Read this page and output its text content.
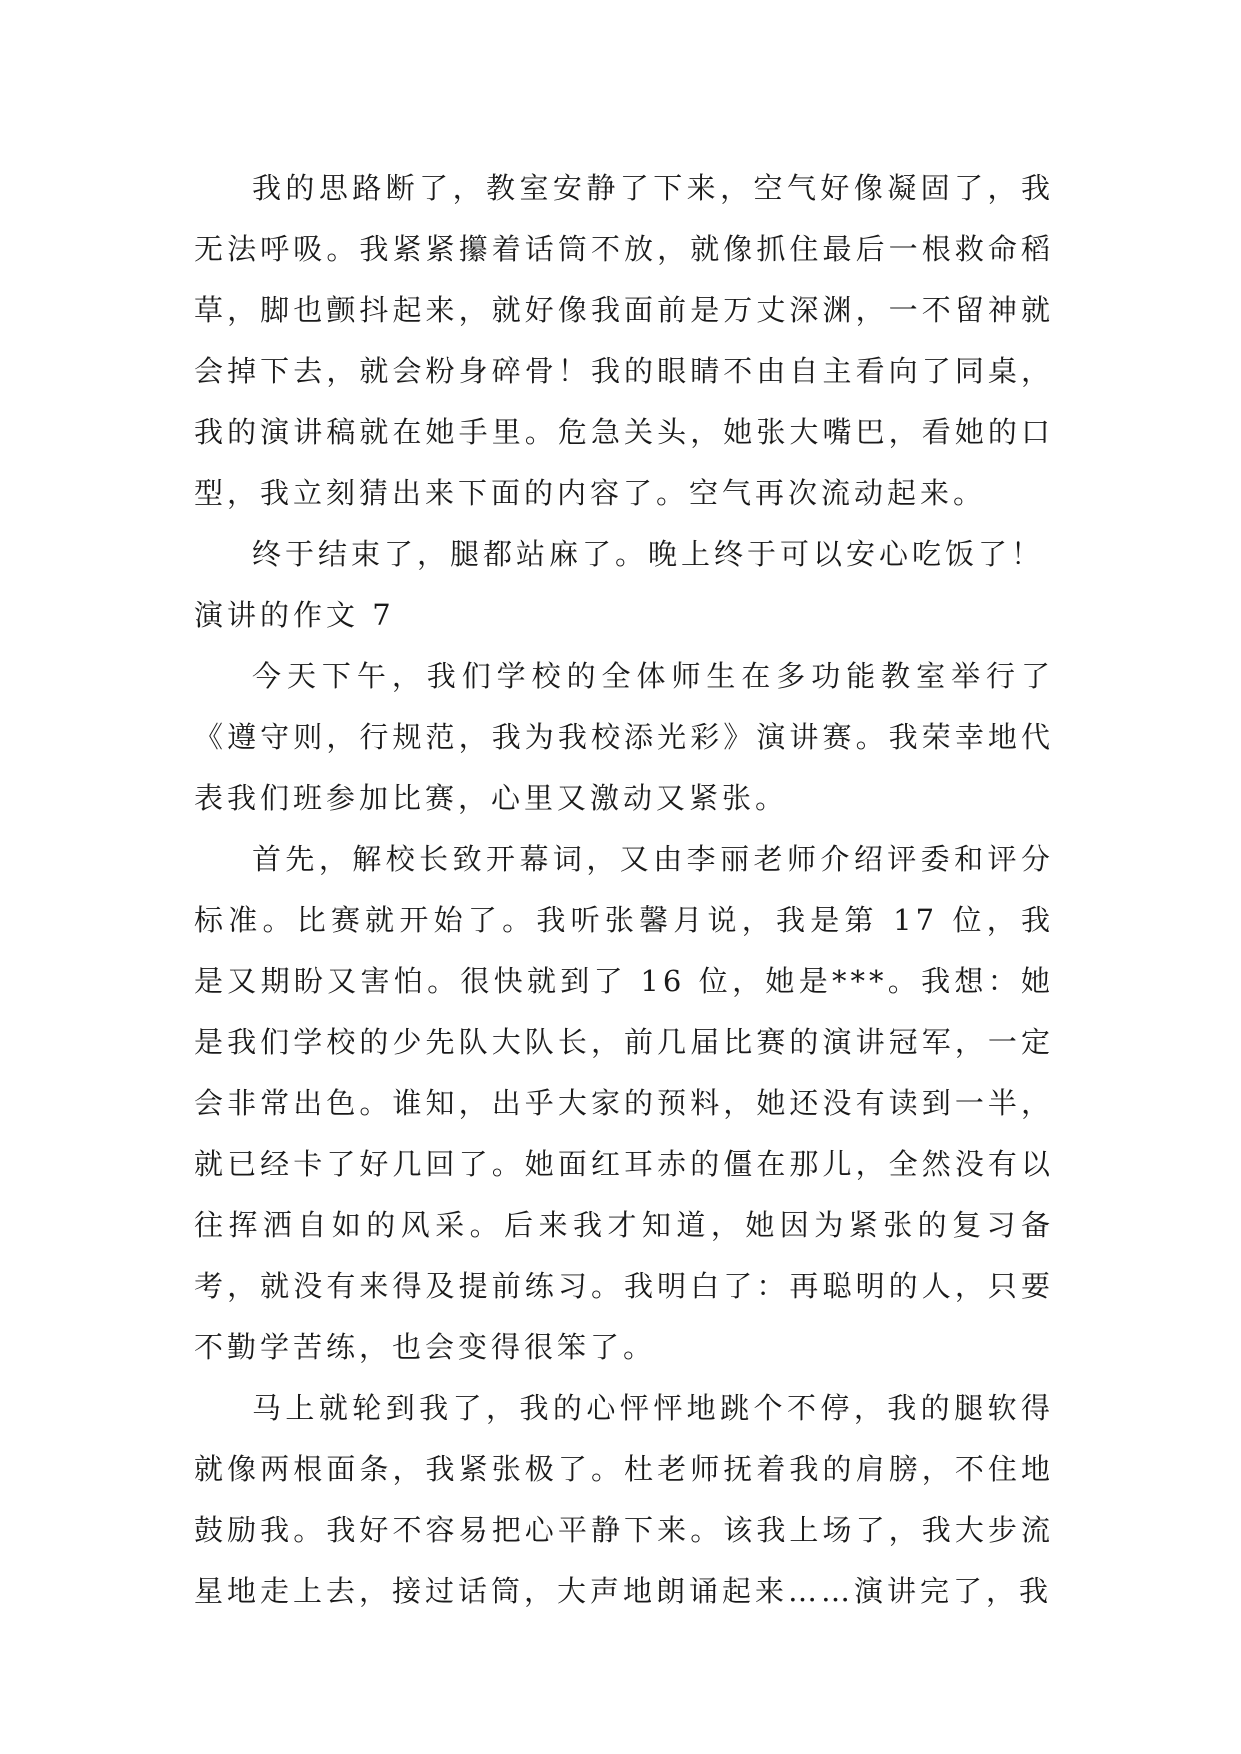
我的思路断了，教室安静了下来，空气好像凝固了，我无法呼吸。我紧紧攥着话筒不放，就像抓住最后一根救命稻草，脚也颤抖起来，就好像我面前是万丈深渊，一不留神就会掉下去，就会粉身碎骨！我的眼睛不由自主看向了同桌，我的演讲稿就在她手里。危急关头，她张大嘴巴，看她的口型，我立刻猜出来下面的内容了。空气再次流动起来。

终于结束了，腿都站麻了。晚上终于可以安心吃饭了！

演讲的作文 7

今天下午，我们学校的全体师生在多功能教室举行了《遵守则，行规范，我为我校添光彩》演讲赛。我荣幸地代表我们班参加比赛，心里又激动又紧张。

首先，解校长致开幕词，又由李丽老师介绍评委和评分标准。比赛就开始了。我听张馨月说，我是第 17 位，我是又期盼又害怕。很快就到了 16 位，她是***。我想：她是我们学校的少先队大队长，前几届比赛的演讲冠军，一定会非常出色。谁知，出乎大家的预料，她还没有读到一半，就已经卡了好几回了。她面红耳赤的僵在那儿，全然没有以往挥洒自如的风采。后来我才知道，她因为紧张的复习备考，就没有来得及提前练习。我明白了：再聪明的人，只要不勤学苦练，也会变得很笨了。

马上就轮到我了，我的心怦怦地跳个不停，我的腿软得就像两根面条，我紧张极了。杜老师抚着我的肩膀，不住地鼓励我。我好不容易把心平静下来。该我上场了，我大步流星地走上去，接过话筒，大声地朗诵起来……演讲完了，我
